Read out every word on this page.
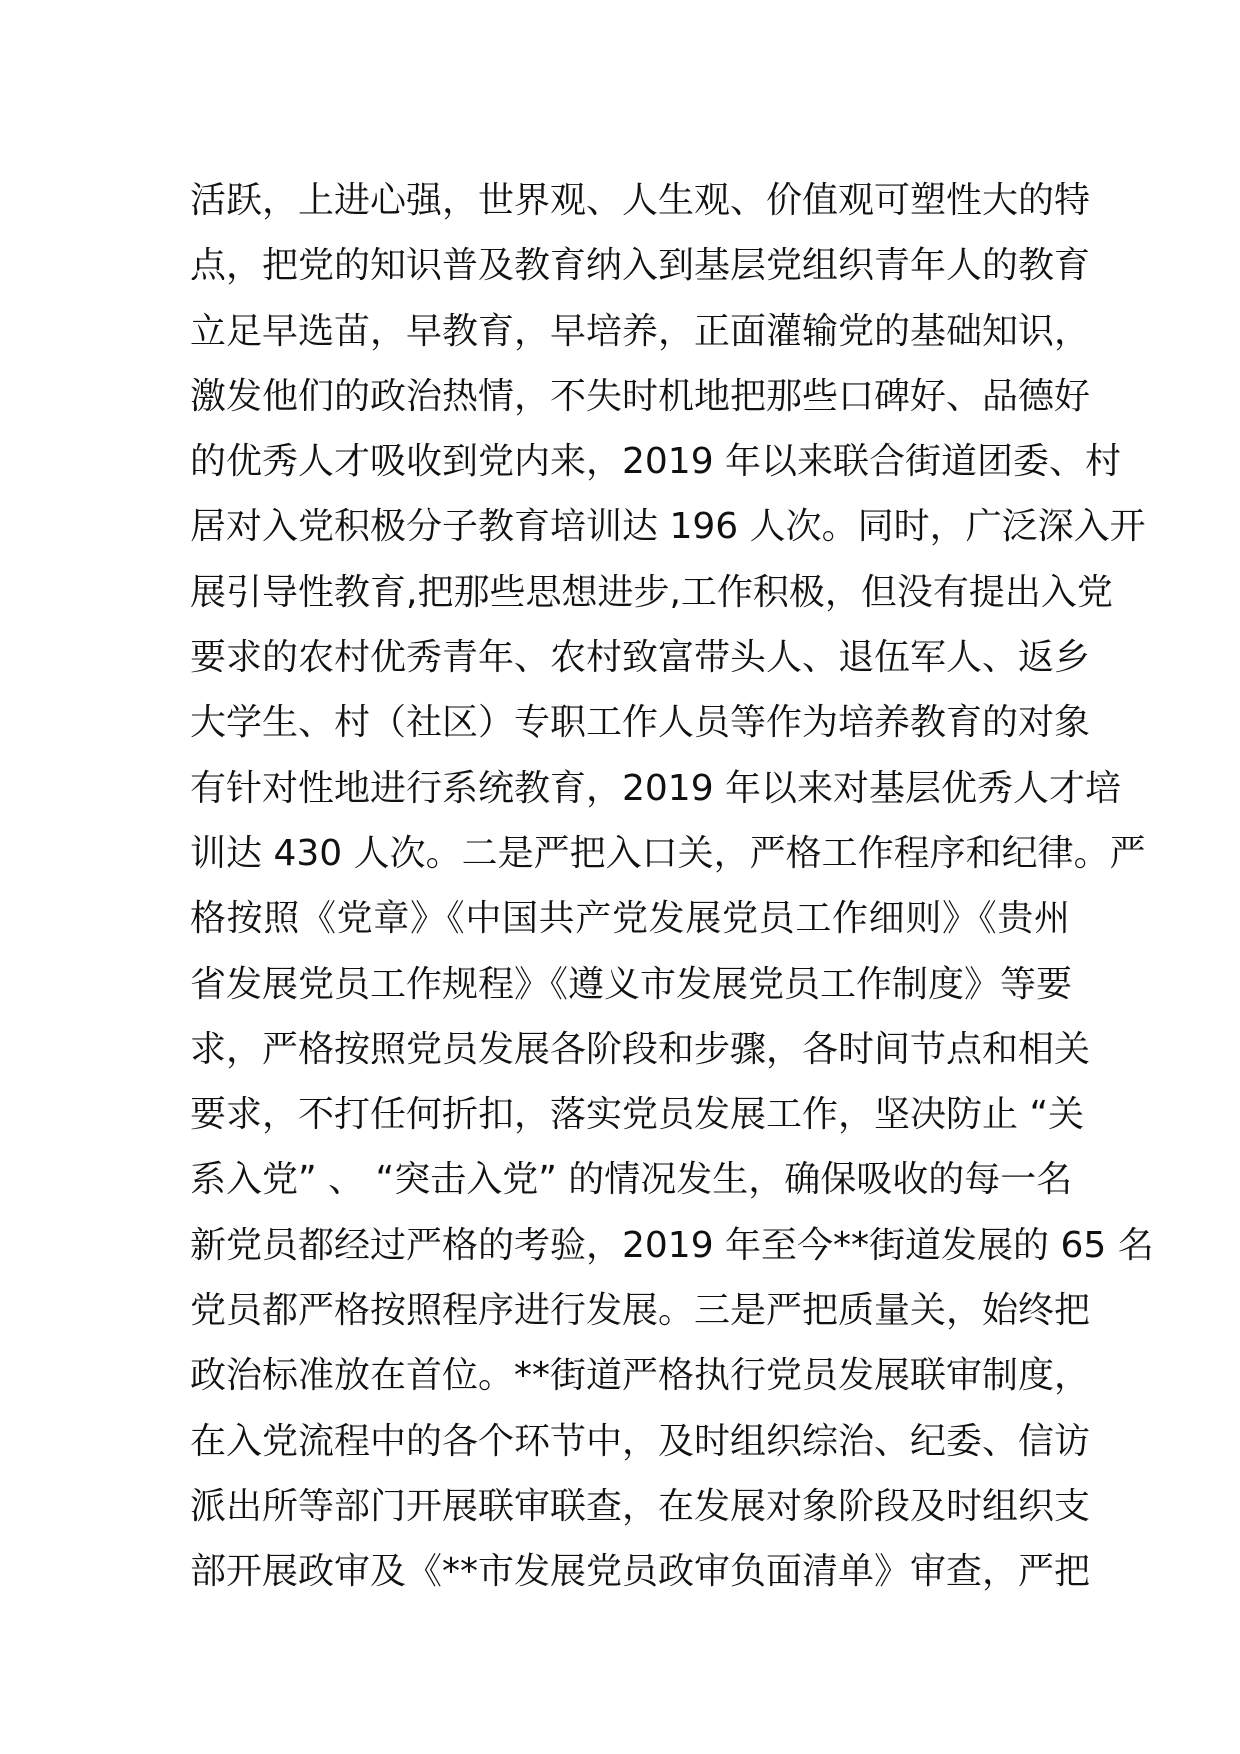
活跃，上进心强，世界观、人生观、价值观可塑性大的特
点，把党的知识普及教育纳入到基层党组织青年人的教育
立足早选苗，早教育，早培养，正面灌输党的基础知识，
激发他们的政治热情，不失时机地把那些口碑好、品德好
的优秀人才吸收到党内来，2019 年以来联合街道团委、村
居对入党积极分子教育培训达 196 人次。同时，广泛深入开
展引导性教育,把那些思想进步,工作积极，但没有提出入党
要求的农村优秀青年、农村致富带头人、退伍军人、返乡
大学生、村（社区）专职工作人员等作为培养教育的对象
有针对性地进行系统教育，2019 年以来对基层优秀人才培
训达 430 人次。二是严把入口关，严格工作程序和纪律。严
格按照《党章》《中国共产党发展党员工作细则》《贵州
省发展党员工作规程》《遵义市发展党员工作制度》等要
求，严格按照党员发展各阶段和步骤，各时间节点和相关
要求，不打任何折扣，落实党员发展工作，坚决防止 “关
系入党” 、 “突击入党” 的情况发生，确保吸收的每一名
新党员都经过严格的考验，2019 年至今**街道发展的 65 名
党员都严格按照程序进行发展。三是严把质量关，始终把
政治标准放在首位。**街道严格执行党员发展联审制度，
在入党流程中的各个环节中，及时组织综治、纪委、信访
派出所等部门开展联审联查，在发展对象阶段及时组织支
部开展政审及《**市发展党员政审负面清单》审查，严把
